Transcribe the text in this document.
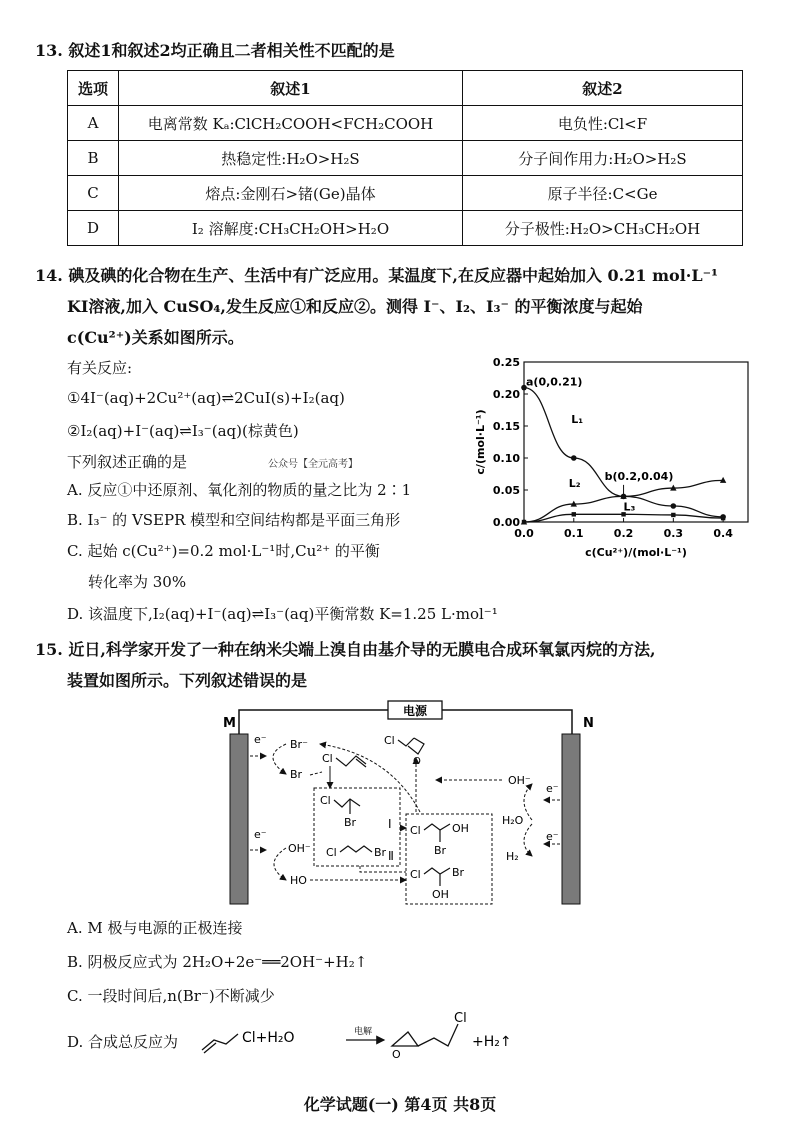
13. 叙述1和叙述2均正确且二者相关性不匹配的是
选项	叙述1	叙述2
A	电离常数 Kₐ:ClCH₂COOH<FCH₂COOH	电负性:Cl<F
B	热稳定性:H₂O>H₂S	分子间作用力:H₂O>H₂S
C	熔点:金刚石>锗(Ge)晶体	原子半径:C<Ge
D	I₂ 溶解度:CH₃CH₂OH>H₂O	分子极性:H₂O>CH₃CH₂OH
14. 碘及碘的化合物在生产、生活中有广泛应用。某温度下,在反应器中起始加入 0.21 mol·L⁻¹
KI溶液,加入 CuSO₄,发生反应①和反应②。测得 I⁻、I₂、I₃⁻ 的平衡浓度与起始
c(Cu²⁺)关系如图所示。
有关反应:
①4I⁻(aq)+2Cu²⁺(aq)⇌2CuI(s)+I₂(aq)
②I₂(aq)+I⁻(aq)⇌I₃⁻(aq)(棕黄色)
下列叙述正确的是	公众号【全元高考】
A. 反应①中还原剂、氧化剂的物质的量之比为 2∶1
B. I₃⁻ 的 VSEPR 模型和空间结构都是平面三角形
C. 起始 c(Cu²⁺)=0.2 mol·L⁻¹时,Cu²⁺ 的平衡
转化率为 30%
D. 该温度下,I₂(aq)+I⁻(aq)⇌I₃⁻(aq)平衡常数 K=1.25 L·mol⁻¹
0.00
0.05
0.10
0.15
0.20
0.25
0.0	0.1	0.2	0.3	0.4
c(Cu²⁺)/(mol·L⁻¹)
c/(mol·L⁻¹)	L₁
L₂
L₃
a(0,0.21)
b(0.2,0.04)
15. 近日,科学家开发了一种在纳米尖端上溴自由基介导的无膜电合成环氧氯丙烷的方法,
装置如图所示。下列叙述错误的是
电源
M	N
e⁻ Br⁻
Br
Cl
Cl
Br	Ⅰ
Cl	Br Ⅱ
Cl
O
Cl	OH
Br
Cl	Br
OH
e⁻
OH⁻
HO
OH⁻
H₂O
H₂
e⁻
e⁻
A. M 极与电源的正极连接
B. 阴极反应式为 2H₂O+2e⁻══2OH⁻+H₂↑
C. 一段时间后,n(Br⁻)不断减少
D. 合成总反应为	Cl+H₂O	电解
O
Cl
+H₂↑
化学试题(一) 第4页 共8页
